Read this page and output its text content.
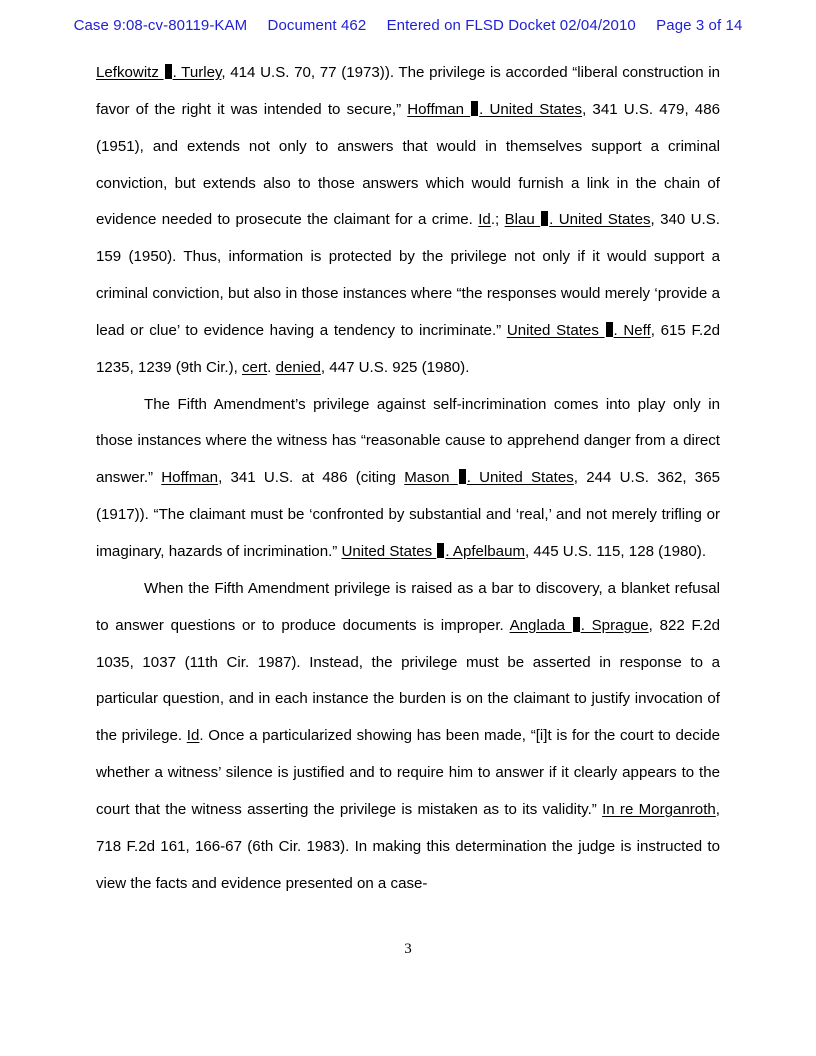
Case 9:08-cv-80119-KAM Document 462 Entered on FLSD Docket 02/04/2010 Page 3 of 14

Lefkowitz . Turley, 414 U.S. 70, 77 (1973)). The privilege is accorded “liberal construction in favor of the right it was intended to secure,” Hoffman . United States, 341 U.S. 479, 486 (1951), and extends not only to answers that would in themselves support a criminal conviction, but extends also to those answers which would furnish a link in the chain of evidence needed to prosecute the claimant for a crime. Id.; Blau . United States, 340 U.S. 159 (1950). Thus, information is protected by the privilege not only if it would support a criminal conviction, but also in those instances where “the responses would merely ‘provide a lead or clue’ to evidence having a tendency to incriminate.” United States . Neff, 615 F.2d 1235, 1239 (9th Cir.), cert. denied, 447 U.S. 925 (1980).

The Fifth Amendment’s privilege against self-incrimination comes into play only in those instances where the witness has “reasonable cause to apprehend danger from a direct answer.” Hoffman, 341 U.S. at 486 (citing Mason . United States, 244 U.S. 362, 365 (1917)). “The claimant must be ‘confronted by substantial and ‘real,’ and not merely trifling or imaginary, hazards of incrimination.” United States . Apfelbaum, 445 U.S. 115, 128 (1980).

When the Fifth Amendment privilege is raised as a bar to discovery, a blanket refusal to answer questions or to produce documents is improper. Anglada . Sprague, 822 F.2d 1035, 1037 (11th Cir. 1987). Instead, the privilege must be asserted in response to a particular question, and in each instance the burden is on the claimant to justify invocation of the privilege. Id. Once a particularized showing has been made, “[i]t is for the court to decide whether a witness’ silence is justified and to require him to answer if it clearly appears to the court that the witness asserting the privilege is mistaken as to its validity.” In re Morganroth, 718 F.2d 161, 166-67 (6th Cir. 1983). In making this determination the judge is instructed to view the facts and evidence presented on a case-

3
